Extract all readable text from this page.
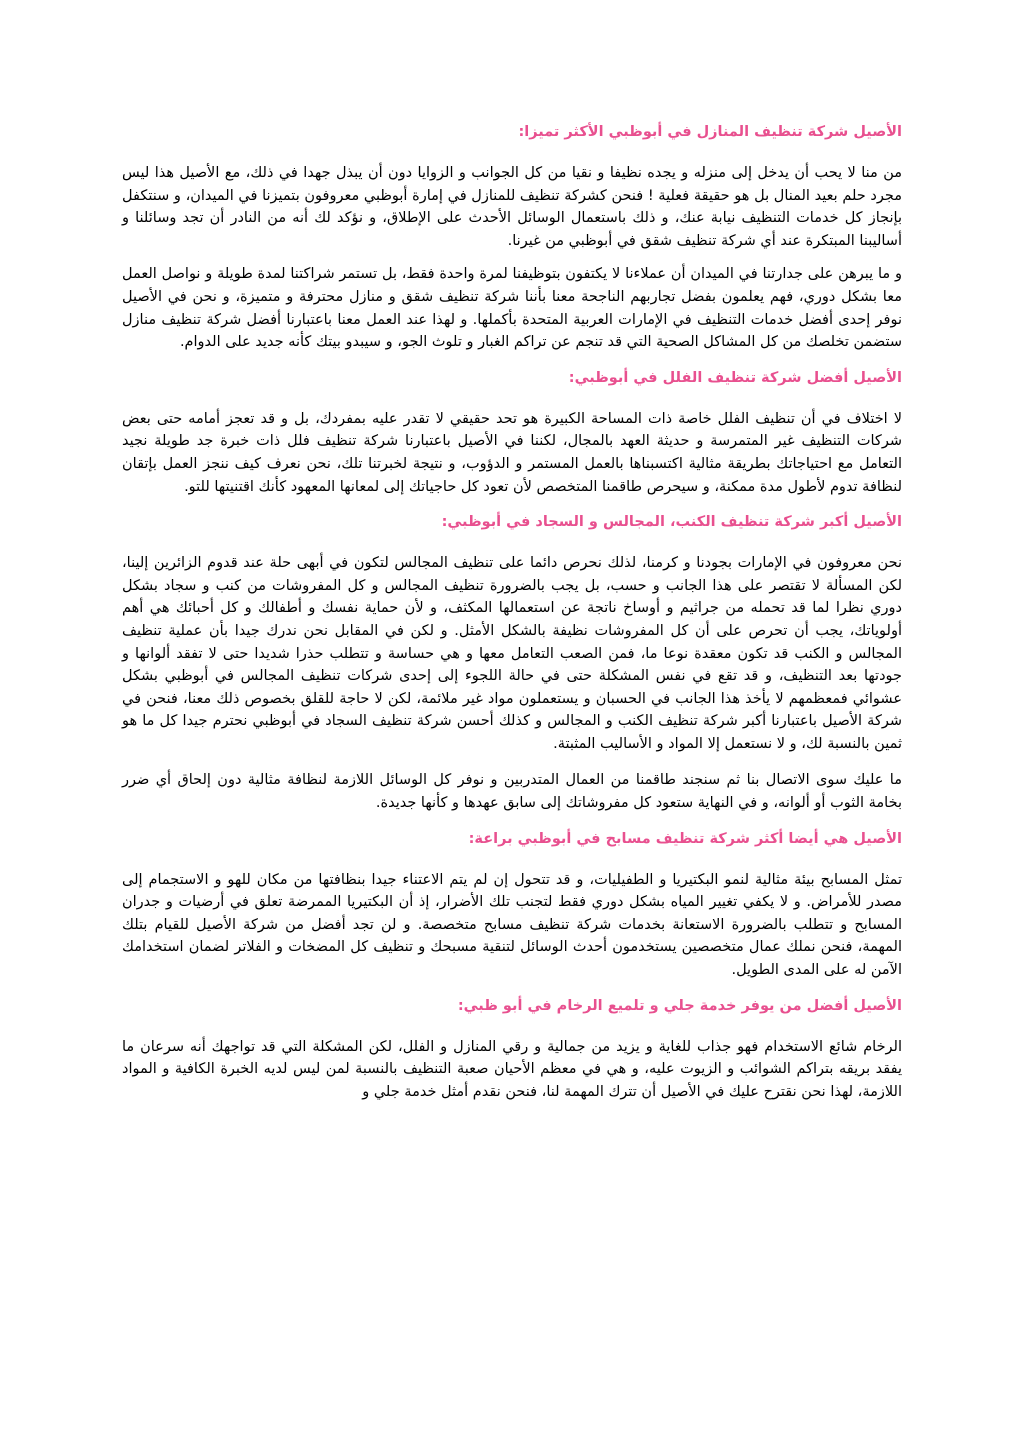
الأصيل شركة تنظيف المنازل في أبوظبي الأكثر تميزا:

من منا لا يحب أن يدخل إلى منزله و يجده نظيفا و نقيا من كل الجوانب و الزوايا دون أن يبذل جهدا في ذلك، مع الأصيل هذا ليس مجرد حلم بعيد المنال بل هو حقيقة فعلية ! فنحن كشركة تنظيف للمنازل في إمارة أبوظبي معروفون بتميزنا في الميدان، و سنتكفل بإنجاز كل خدمات التنظيف نيابة عنك، و ذلك باستعمال الوسائل الأحدث على الإطلاق، و نؤكد لك أنه من النادر أن تجد وسائلنا و أساليبنا المبتكرة عند أي شركة تنظيف شقق في أبوظبي من غيرنا.

و ما يبرهن على جدارتنا في الميدان أن عملاءنا لا يكتفون بتوظيفنا لمرة واحدة فقط، بل تستمر شراكتنا لمدة طويلة و نواصل العمل معا بشكل دوري، فهم يعلمون بفضل تجاربهم الناجحة معنا بأننا شركة تنظيف شقق و منازل محترفة و متميزة، و نحن في الأصيل نوفر إحدى أفضل خدمات التنظيف في الإمارات العربية المتحدة بأكملها. و لهذا عند العمل معنا باعتبارنا أفضل شركة تنظيف منازل ستضمن تخلصك من كل المشاكل الصحية التي قد تنجم عن تراكم الغبار و تلوث الجو، و سيبدو بيتك كأنه جديد على الدوام.

الأصيل أفضل شركة تنظيف الفلل في أبوظبي:

لا اختلاف في أن تنظيف الفلل خاصة ذات المساحة الكبيرة هو تحد حقيقي لا تقدر عليه بمفردك، بل و قد تعجز أمامه حتى بعض شركات التنظيف غير المتمرسة و حديثة العهد بالمجال، لكننا في الأصيل باعتبارنا شركة تنظيف فلل ذات خبرة جد طويلة نجيد التعامل مع احتياجاتك بطريقة مثالية اكتسبناها بالعمل المستمر و الدؤوب، و نتيجة لخبرتنا تلك، نحن نعرف كيف ننجز العمل بإتقان لنظافة تدوم لأطول مدة ممكنة، و سيحرص طاقمنا المتخصص لأن تعود كل حاجياتك إلى لمعانها المعهود كأنك اقتنيتها للتو.

الأصيل أكبر شركة تنظيف الكنب، المجالس و السجاد في أبوظبي:

نحن معروفون في الإمارات بجودنا و كرمنا، لذلك نحرص دائما على تنظيف المجالس لتكون في أبهى حلة عند قدوم الزائرين إلينا، لكن المسألة لا تقتصر على هذا الجانب و حسب، بل يجب بالضرورة تنظيف المجالس و كل المفروشات من كنب و سجاد بشكل دوري نظرا لما قد تحمله من جراثيم و أوساخ ناتجة عن استعمالها المكثف، و لأن حماية نفسك و أطفالك و كل أحبائك هي أهم أولوياتك، يجب أن تحرص على أن كل المفروشات نظيفة بالشكل الأمثل. و لكن في المقابل نحن ندرك جيدا بأن عملية تنظيف المجالس و الكنب قد تكون معقدة نوعا ما، فمن الصعب التعامل معها و هي حساسة و تتطلب حذرا شديدا حتى لا تفقد ألوانها و جودتها بعد التنظيف، و قد تقع في نفس المشكلة حتى في حالة اللجوء إلى إحدى شركات تنظيف المجالس في أبوظبي بشكل عشوائي فمعظمهم لا يأخذ هذا الجانب في الحسبان و يستعملون مواد غير ملائمة، لكن لا حاجة للقلق بخصوص ذلك معنا، فنحن في شركة الأصيل باعتبارنا أكبر شركة تنظيف الكنب و المجالس و كذلك أحسن شركة تنظيف السجاد في أبوظبي نحترم جيدا كل ما هو ثمين بالنسبة لك، و لا نستعمل إلا المواد و الأساليب المثبتة.

ما عليك سوى الاتصال بنا ثم سنجند طاقمنا من العمال المتدربين و نوفر كل الوسائل اللازمة لنظافة مثالية دون إلحاق أي ضرر بخامة الثوب أو ألوانه، و في النهاية ستعود كل مفروشاتك إلى سابق عهدها و كأنها جديدة.

الأصيل هي أيضا أكثر شركة تنظيف مسابح في أبوظبي براعة:

تمثل المسابح بيئة مثالية لنمو البكتيريا و الطفيليات، و قد تتحول إن لم يتم الاعتناء جيدا بنظافتها من مكان للهو و الاستجمام إلى مصدر للأمراض. و لا يكفي تغيير المياه بشكل دوري فقط لتجنب تلك الأضرار، إذ أن البكتيريا الممرضة تعلق في أرضيات و جدران المسابح و تتطلب بالضرورة الاستعانة بخدمات شركة تنظيف مسابح متخصصة. و لن تجد أفضل من شركة الأصيل للقيام بتلك المهمة، فنحن نملك عمال متخصصين يستخدمون أحدث الوسائل لتنقية مسبحك و تنظيف كل المضخات و الفلاتر لضمان استخدامك الآمن له على المدى الطويل.

الأصيل أفضل من يوفر خدمة جلي و تلميع الرخام في أبو ظبي:

الرخام شائع الاستخدام فهو جذاب للغاية و يزيد من جمالية و رقي المنازل و الفلل، لكن المشكلة التي قد تواجهك أنه سرعان ما يفقد بريقه بتراكم الشوائب و الزيوت عليه، و هي في معظم الأحيان صعبة التنظيف بالنسبة لمن ليس لديه الخبرة الكافية و المواد اللازمة، لهذا نحن نقترح عليك في الأصيل أن تترك المهمة لنا، فنحن نقدم أمثل خدمة جلي و
